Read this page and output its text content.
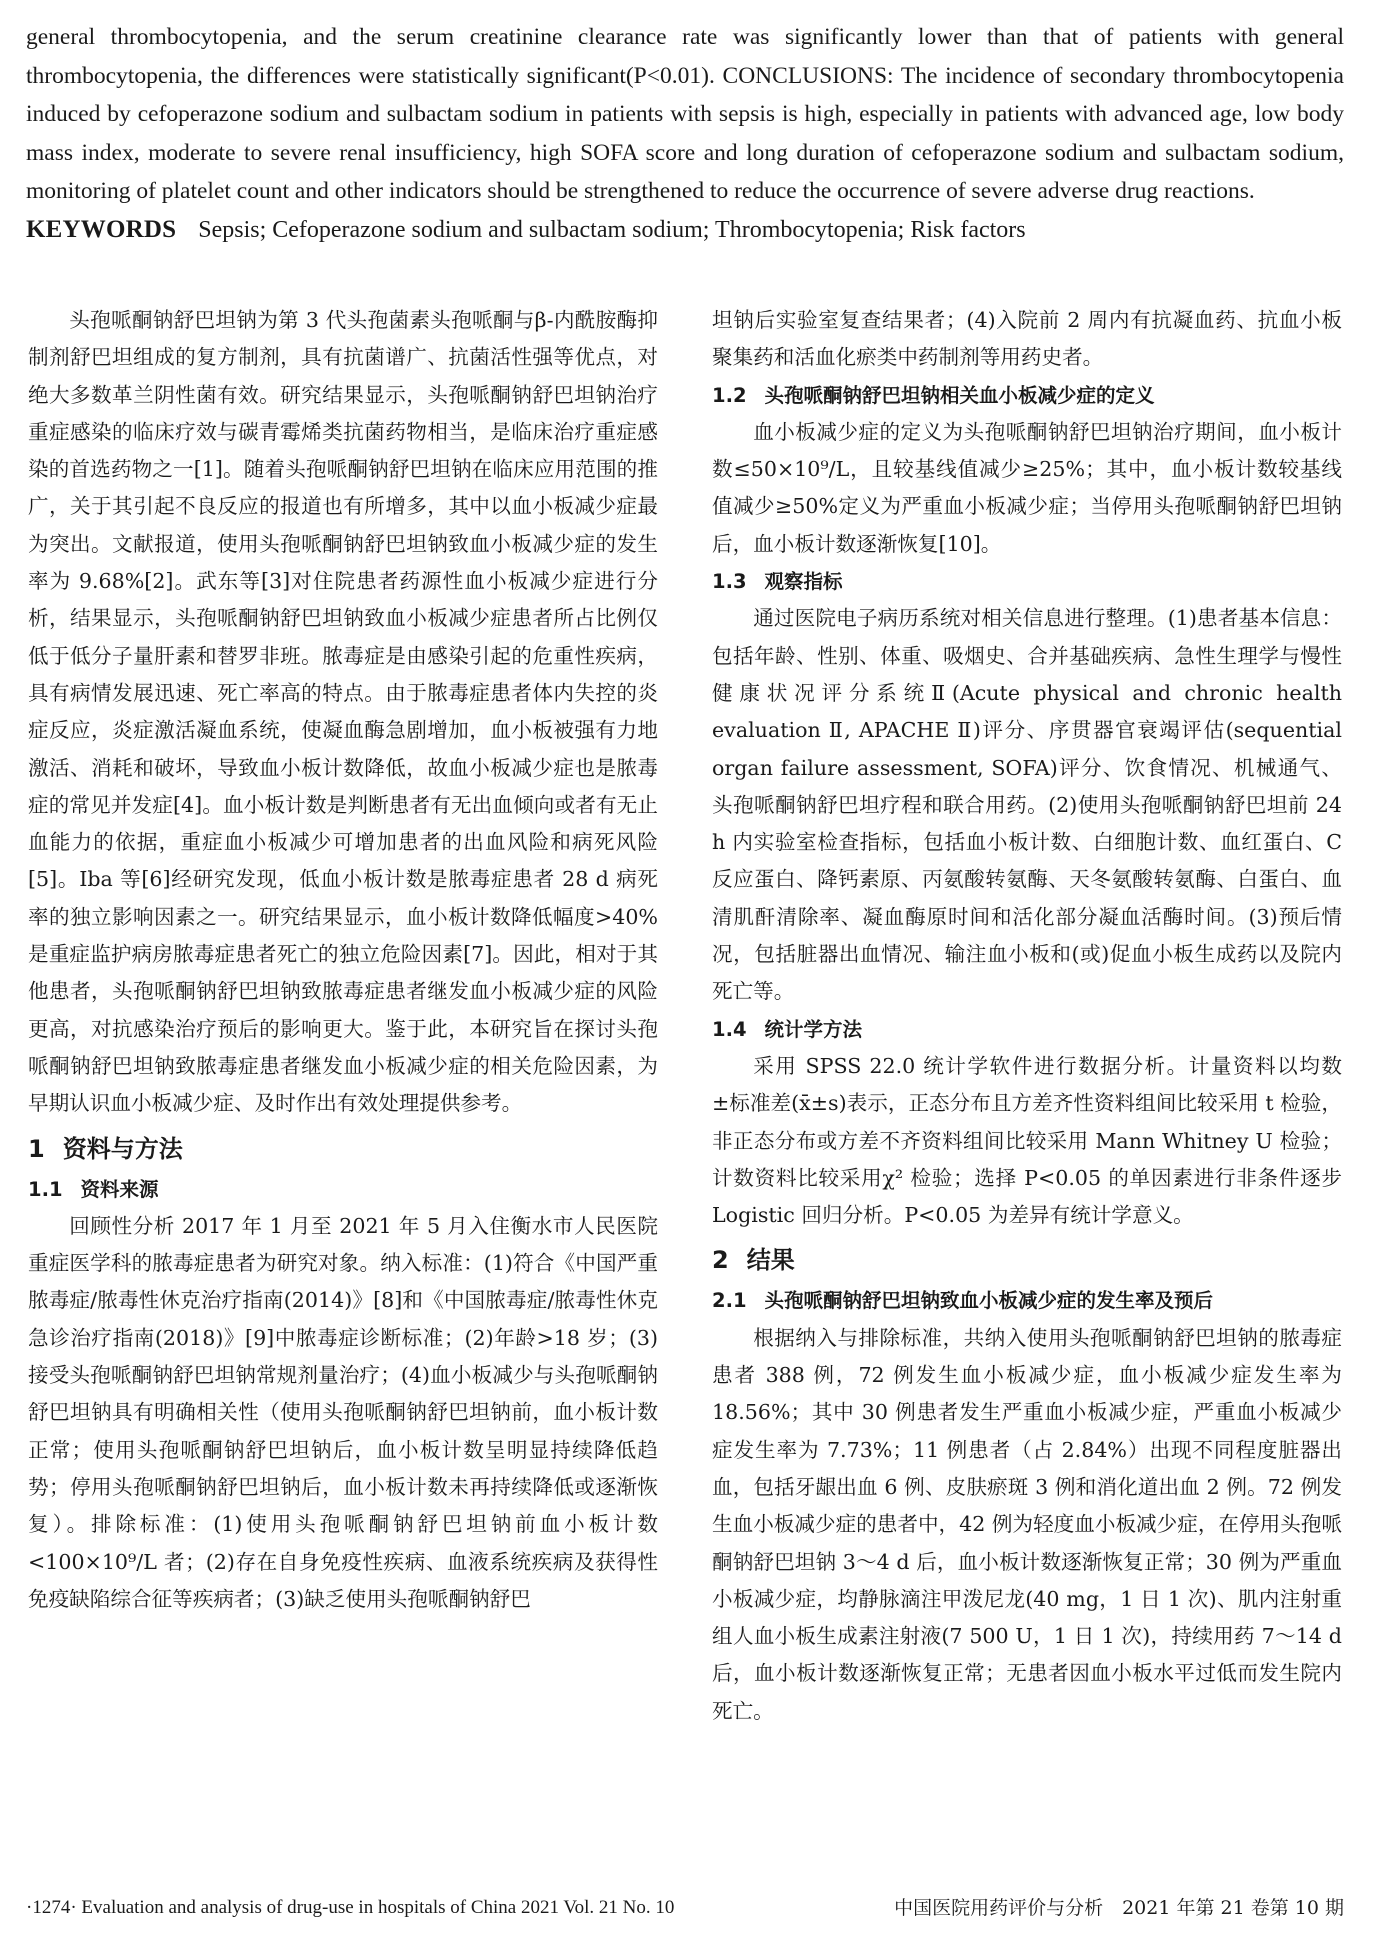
general thrombocytopenia, and the serum creatinine clearance rate was significantly lower than that of patients with general thrombocytopenia, the differences were statistically significant(P<0.01). CONCLUSIONS: The incidence of secondary thrombocytopenia induced by cefoperazone sodium and sulbactam sodium in patients with sepsis is high, especially in patients with advanced age, low body mass index, moderate to severe renal insufficiency, high SOFA score and long duration of cefoperazone sodium and sulbactam sodium, monitoring of platelet count and other indicators should be strengthened to reduce the occurrence of severe adverse drug reactions.

KEYWORDS Sepsis; Cefoperazone sodium and sulbactam sodium; Thrombocytopenia; Risk factors

头孢哌酮钠舒巴坦钠为第 3 代头孢菌素头孢哌酮与β-内酰胺酶抑制剂舒巴坦组成的复方制剂，具有抗菌谱广、抗菌活性强等优点，对绝大多数革兰阴性菌有效。研究结果显示，头孢哌酮钠舒巴坦钠治疗重症感染的临床疗效与碳青霉烯类抗菌药物相当，是临床治疗重症感染的首选药物之一[1]。随着头孢哌酮钠舒巴坦钠在临床应用范围的推广，关于其引起不良反应的报道也有所增多，其中以血小板减少症最为突出。文献报道，使用头孢哌酮钠舒巴坦钠致血小板减少症的发生率为 9.68%[2]。武东等[3]对住院患者药源性血小板减少症进行分析，结果显示，头孢哌酮钠舒巴坦钠致血小板减少症患者所占比例仅低于低分子量肝素和替罗非班。脓毒症是由感染引起的危重性疾病，具有病情发展迅速、死亡率高的特点。由于脓毒症患者体内失控的炎症反应，炎症激活凝血系统，使凝血酶急剧增加，血小板被强有力地激活、消耗和破坏，导致血小板计数降低，故血小板减少症也是脓毒症的常见并发症[4]。血小板计数是判断患者有无出血倾向或者有无止血能力的依据，重症血小板减少可增加患者的出血风险和病死风险[5]。Iba 等[6]经研究发现，低血小板计数是脓毒症患者 28 d 病死率的独立影响因素之一。研究结果显示，血小板计数降低幅度>40%是重症监护病房脓毒症患者死亡的独立危险因素[7]。因此，相对于其他患者，头孢哌酮钠舒巴坦钠致脓毒症患者继发血小板减少症的风险更高，对抗感染治疗预后的影响更大。鉴于此，本研究旨在探讨头孢哌酮钠舒巴坦钠致脓毒症患者继发血小板减少症的相关危险因素，为早期认识血小板减少症、及时作出有效处理提供参考。

1 资料与方法
1.1 资料来源

回顾性分析 2017 年 1 月至 2021 年 5 月入住衡水市人民医院重症医学科的脓毒症患者为研究对象。纳入标准：(1)符合《中国严重脓毒症/脓毒性休克治疗指南(2014)》[8]和《中国脓毒症/脓毒性休克急诊治疗指南(2018)》[9]中脓毒症诊断标准；(2)年龄>18 岁；(3)接受头孢哌酮钠舒巴坦钠常规剂量治疗；(4)血小板减少与头孢哌酮钠舒巴坦钠具有明确相关性（使用头孢哌酮钠舒巴坦钠前，血小板计数正常；使用头孢哌酮钠舒巴坦钠后，血小板计数呈明显持续降低趋势；停用头孢哌酮钠舒巴坦钠后，血小板计数未再持续降低或逐渐恢复）。排除标准：(1)使用头孢哌酮钠舒巴坦钠前血小板计数<100×10⁹/L 者；(2)存在自身免疫性疾病、血液系统疾病及获得性免疫缺陷综合征等疾病者；(3)缺乏使用头孢哌酮钠舒巴

坦钠后实验室复查结果者；(4)入院前 2 周内有抗凝血药、抗血小板聚集药和活血化瘀类中药制剂等用药史者。

1.2 头孢哌酮钠舒巴坦钠相关血小板减少症的定义

血小板减少症的定义为头孢哌酮钠舒巴坦钠治疗期间，血小板计数≤50×10⁹/L，且较基线值减少≥25%；其中，血小板计数较基线值减少≥50%定义为严重血小板减少症；当停用头孢哌酮钠舒巴坦钠后，血小板计数逐渐恢复[10]。

1.3 观察指标

通过医院电子病历系统对相关信息进行整理。(1)患者基本信息：包括年龄、性别、体重、吸烟史、合并基础疾病、急性生理学与慢性健康状况评分系统Ⅱ(Acute physical and chronic health evaluation Ⅱ, APACHE Ⅱ)评分、序贯器官衰竭评估(sequential organ failure assessment, SOFA)评分、饮食情况、机械通气、头孢哌酮钠舒巴坦疗程和联合用药。(2)使用头孢哌酮钠舒巴坦前 24 h 内实验室检查指标，包括血小板计数、白细胞计数、血红蛋白、C 反应蛋白、降钙素原、丙氨酸转氨酶、天冬氨酸转氨酶、白蛋白、血清肌酐清除率、凝血酶原时间和活化部分凝血活酶时间。(3)预后情况，包括脏器出血情况、输注血小板和(或)促血小板生成药以及院内死亡等。

1.4 统计学方法

采用 SPSS 22.0 统计学软件进行数据分析。计量资料以均数±标准差(x̄±s)表示，正态分布且方差齐性资料组间比较采用 t 检验，非正态分布或方差不齐资料组间比较采用 Mann Whitney U 检验；计数资料比较采用χ² 检验；选择 P<0.05 的单因素进行非条件逐步 Logistic 回归分析。P<0.05 为差异有统计学意义。

2 结果
2.1 头孢哌酮钠舒巴坦钠致血小板减少症的发生率及预后

根据纳入与排除标准，共纳入使用头孢哌酮钠舒巴坦钠的脓毒症患者 388 例，72 例发生血小板减少症，血小板减少症发生率为 18.56%；其中 30 例患者发生严重血小板减少症，严重血小板减少症发生率为 7.73%；11 例患者（占 2.84%）出现不同程度脏器出血，包括牙龈出血 6 例、皮肤瘀斑 3 例和消化道出血 2 例。72 例发生血小板减少症的患者中，42 例为轻度血小板减少症，在停用头孢哌酮钠舒巴坦钠 3～4 d 后，血小板计数逐渐恢复正常；30 例为严重血小板减少症，均静脉滴注甲泼尼龙(40 mg，1 日 1 次)、肌内注射重组人血小板生成素注射液(7 500 U，1 日 1 次)，持续用药 7～14 d 后，血小板计数逐渐恢复正常；无患者因血小板水平过低而发生院内死亡。

·1274· Evaluation and analysis of drug-use in hospitals of China 2021 Vol. 21 No. 10	中国医院用药评价与分析　2021 年第 21 卷第 10 期
